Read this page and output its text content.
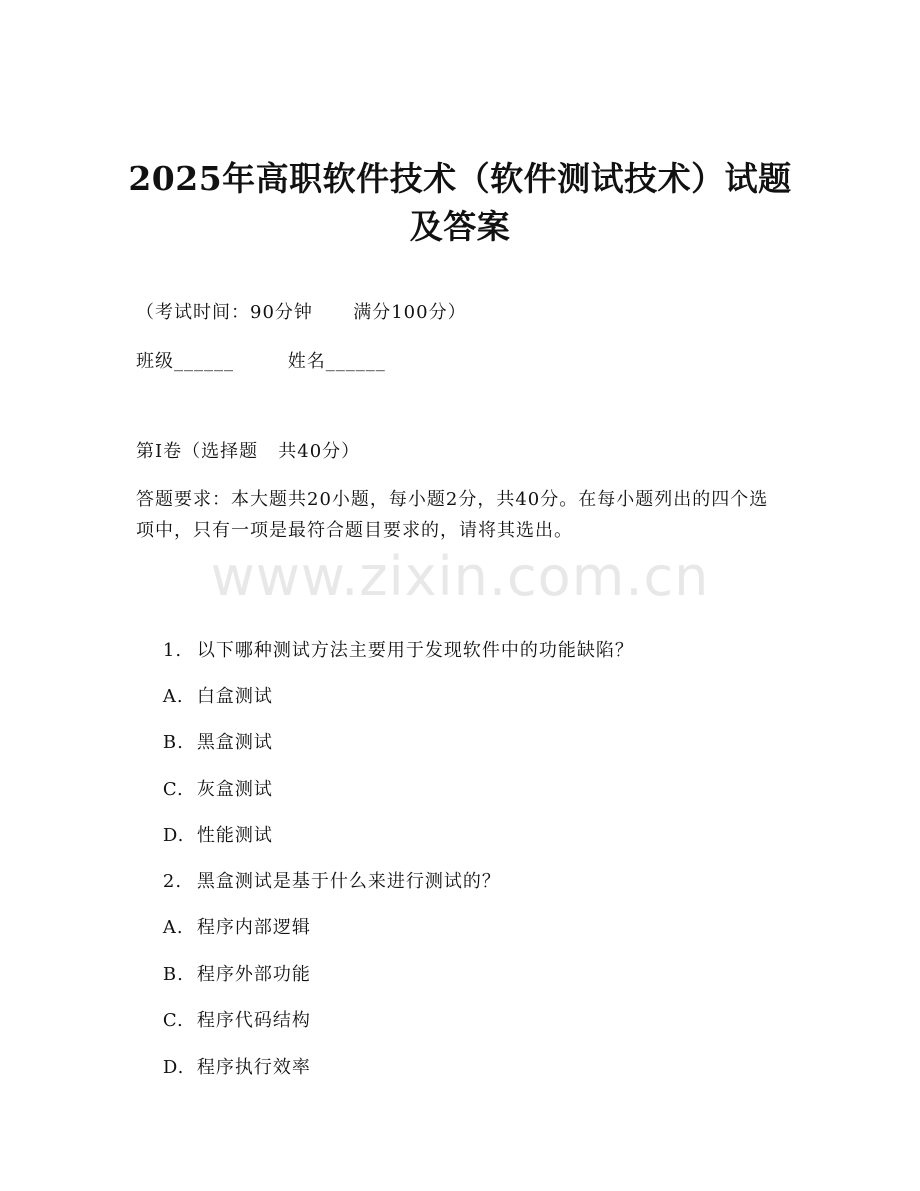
2025年高职软件技术（软件测试技术）试题
及答案
（考试时间：90分钟      满分100分）
班级______        姓名______
第I卷（选择题   共40分）
答题要求：本大题共20小题，每小题2分，共40分。在每小题列出的四个选项中，只有一项是最符合题目要求的，请将其选出。
www.zixin.com.cn

1. 以下哪种测试方法主要用于发现软件中的功能缺陷？

A. 白盒测试

B. 黑盒测试

C. 灰盒测试

D. 性能测试

2. 黑盒测试是基于什么来进行测试的？

A. 程序内部逻辑

B. 程序外部功能

C. 程序代码结构

D. 程序执行效率
